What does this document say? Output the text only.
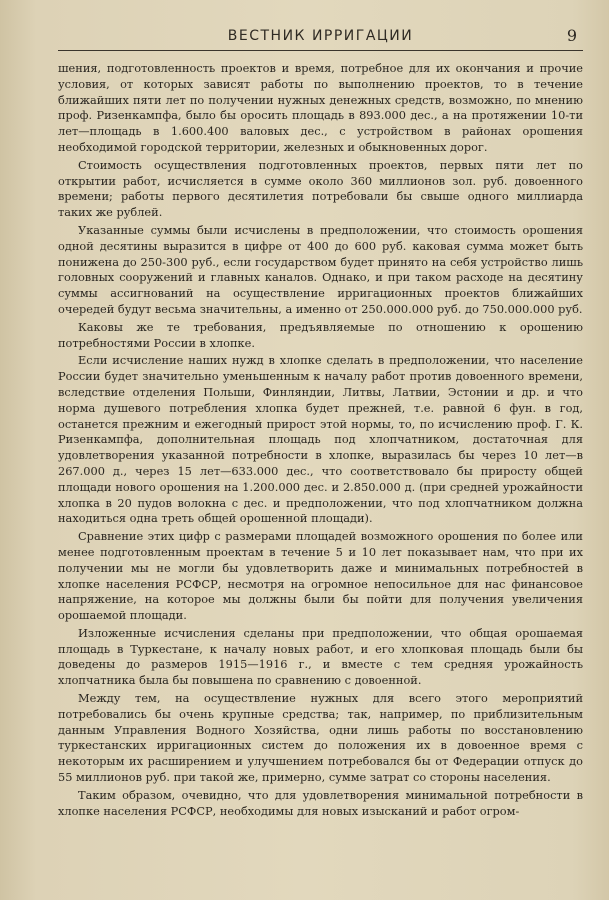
ВЕСТНИК ИРРИГАЦИИ	9

шения, подготовленность проектов и время, потребное для их окончания и прочие условия, от которых зависят работы по выполнению проектов, то в течение ближайших пяти лет по получении нужных денежных средств, возможно, по мнению проф. Ризенкампфа, было бы оросить площадь в 893.000 дес., а на протяжении 10-ти лет—площадь в 1.600.400 валовых дес., с устройством в районах орошения необходимой городской территории, железных и обыкновенных дорог.

Стоимость осуществления подготовленных проектов, первых пяти лет по открытии работ, исчисляется в сумме около 360 миллионов зол. руб. довоенного времени; работы первого десятилетия потребовали бы свыше одного миллиарда таких же рублей.

Указанные суммы были исчислены в предположении, что стоимость орошения одной десятины выразится в цифре от 400 до 600 руб. каковая сумма может быть понижена до 250-300 руб., если государством будет принято на себя устройство лишь головных сооружений и главных каналов. Однако, и при таком расходе на десятину суммы ассигнований на осуществление ирригационных проектов ближайших очередей будут весьма значительны, а именно от 250.000.000 руб. до 750.000.000 руб.

Каковы же те требования, предъявляемые по отношению к орошению потребностями России в хлопке.

Если исчисление наших нужд в хлопке сделать в предположении, что население России будет значительно уменьшенным к началу работ против довоенного времени, вследствие отделения Польши, Финляндии, Литвы, Латвии, Эстонии и др. и что норма душевого потребления хлопка будет прежней, т.е. равной 6 фун. в год, останется прежним и ежегодный прирост этой нормы, то, по исчислению проф. Г. К. Ризенкампфа, дополнительная площадь под хлопчатником, достаточная для удовлетворения указанной потребности в хлопке, выразилась бы через 10 лет—в 267.000 д., через 15 лет—633.000 дес., что соответствовало бы приросту общей площади нового орошения на 1.200.000 дес. и 2.850.000 д. (при средней урожайности хлопка в 20 пудов волокна с дес. и предположении, что под хлопчатником должна находиться одна треть общей орошенной площади).

Сравнение этих цифр с размерами площадей возможного орошения по более или менее подготовленным проектам в течение 5 и 10 лет показывает нам, что при их получении мы не могли бы удовлетворить даже и минимальных потребностей в хлопке населения РСФСР, несмотря на огромное непосильное для нас финансовое напряжение, на которое мы должны были бы пойти для получения увеличения орошаемой площади.

Изложенные исчисления сделаны при предположении, что общая орошаемая площадь в Туркестане, к началу новых работ, и его хлопковая площадь были бы доведены до размеров 1915—1916 г., и вместе с тем средняя урожайность хлопчатника была бы повышена по сравнению с довоенной.

Между тем, на осуществление нужных для всего этого мероприятий потребовались бы очень крупные средства; так, например, по приблизительным данным Управления Водного Хозяйства, одни лишь работы по восстановлению туркестанских ирригационных систем до положения их в довоенное время с некоторым их расширением и улучшением потребовался бы от Федерации отпуск до 55 миллионов руб. при такой же, примерно, сумме затрат со стороны населения.

Таким образом, очевидно, что для удовлетворения минимальной потребности в хлопке населения РСФСР, необходимы для новых изысканий и работ огром-
